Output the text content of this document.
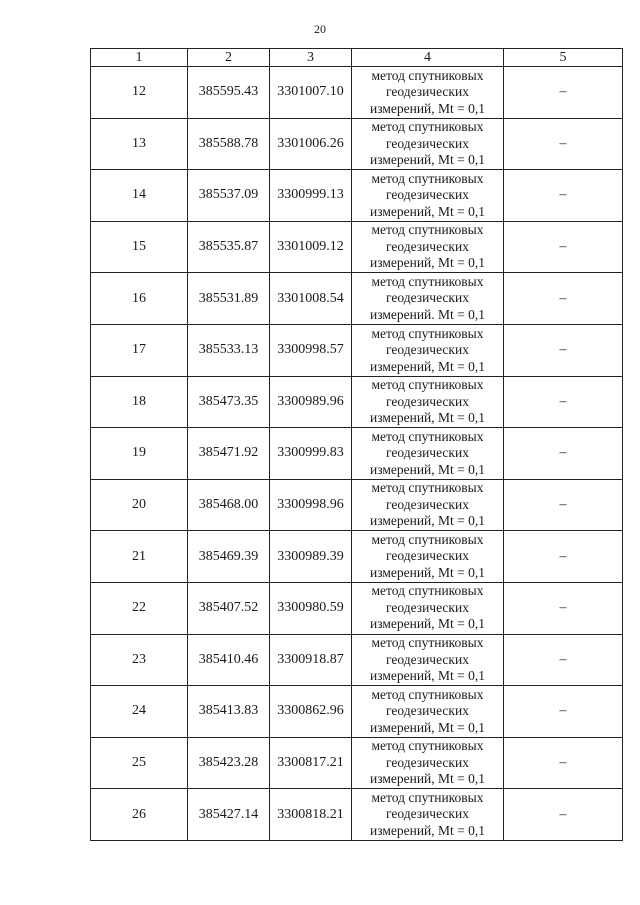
20
1	2	3	4	5
12	385595.43	3301007.10	метод спутниковых
геодезических
измерений, Mt = 0,1	–
13	385588.78	3301006.26	метод спутниковых
геодезических
измерений, Mt = 0,1	–
14	385537.09	3300999.13	метод спутниковых
геодезических
измерений, Mt = 0,1	–
15	385535.87	3301009.12	метод спутниковых
геодезических
измерений, Mt = 0,1	–
16	385531.89	3301008.54	метод спутниковых
геодезических
измерений. Mt = 0,1	–
17	385533.13	3300998.57	метод спутниковых
геодезических
измерений, Mt = 0,1	–
18	385473.35	3300989.96	метод спутниковых
геодезических
измерений, Mt = 0,1	–
19	385471.92	3300999.83	метод спутниковых
геодезических
измерений, Mt = 0,1	–
20	385468.00	3300998.96	метод спутниковых
геодезических
измерений, Mt = 0,1	–
21	385469.39	3300989.39	метод спутниковых
геодезических
измерений, Mt = 0,1	–
22	385407.52	3300980.59	метод спутниковых
геодезических
измерений, Mt = 0,1	–
23	385410.46	3300918.87	метод спутниковых
геодезических
измерений, Mt = 0,1	–
24	385413.83	3300862.96	метод спутниковых
геодезических
измерений, Mt = 0,1	–
25	385423.28	3300817.21	метод спутниковых
геодезических
измерений, Mt = 0,1	–
26	385427.14	3300818.21	метод спутниковых
геодезических
измерений, Mt = 0,1	–
